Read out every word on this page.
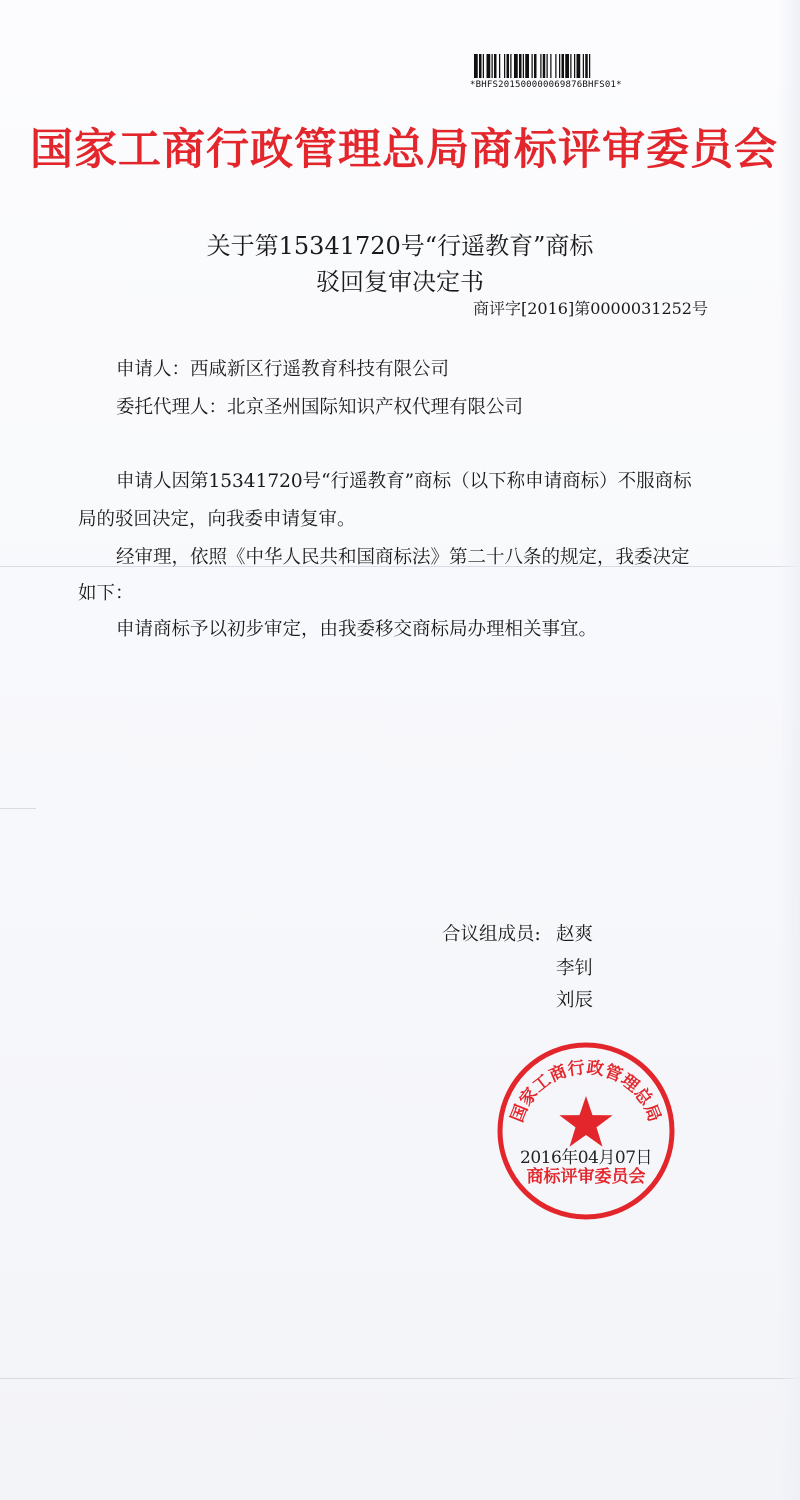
*BHFS201500000069876BHFS01*
国家工商行政管理总局商标评审委员会
关于第15341720号“行遥教育”商标
驳回复审决定书
商评字[2016]第0000031252号
申请人：西咸新区行遥教育科技有限公司
委托代理人：北京圣州国际知识产权代理有限公司
申请人因第15341720号“行遥教育”商标（以下称申请商标）不服商标
局的驳回决定，向我委申请复审。
经审理，依照《中华人民共和国商标法》第二十八条的规定，我委决定
如下：
申请商标予以初步审定，由我委移交商标局办理相关事宜。
合议组成员: 赵爽
李钊
刘辰
国家工商行政管理总局
商标评审委员会
2016年04月07日
